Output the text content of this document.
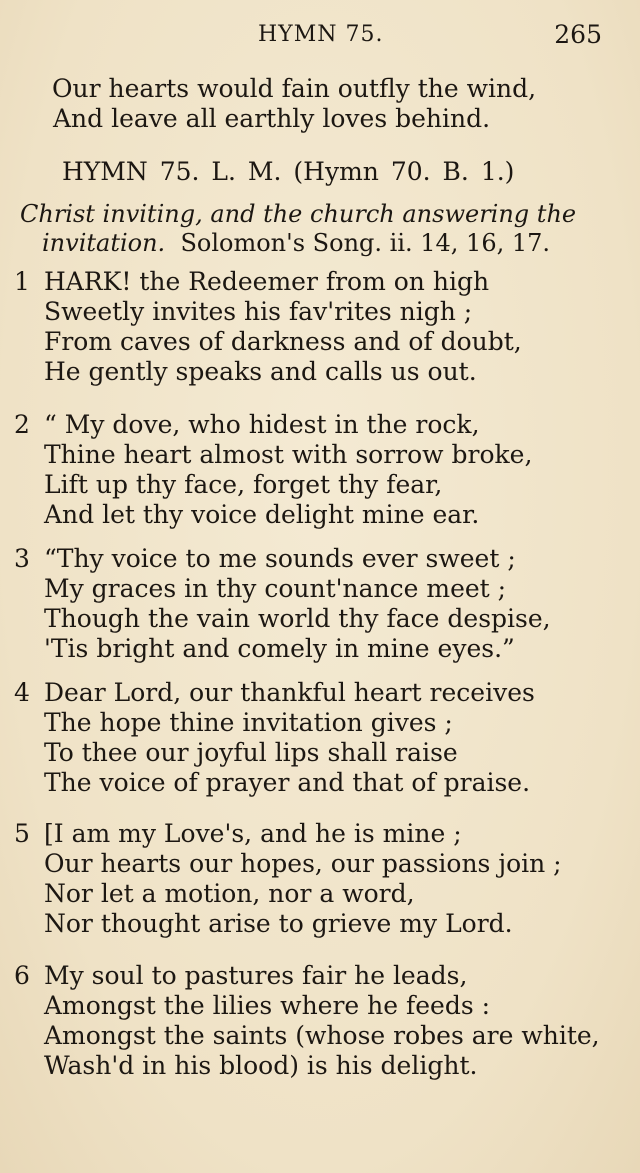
HYMN 75.	265
Our hearts would fain outfly the wind,
And leave all earthly loves behind.
HYMN 75. L. M. (Hymn 70. B. 1.)
Christ inviting, and the church answering the
invitation. Solomon's Song. ii. 14, 16, 17.
1 HARK! the Redeemer from on high
Sweetly invites his fav'rites nigh ;
From caves of darkness and of doubt,
He gently speaks and calls us out.
2 “ My dove, who hidest in the rock,
Thine heart almost with sorrow broke,
Lift up thy face, forget thy fear,
And let thy voice delight mine ear.
3 “Thy voice to me sounds ever sweet ;
My graces in thy count'nance meet ;
Though the vain world thy face despise,
'Tis bright and comely in mine eyes.”
4 Dear Lord, our thankful heart receives
The hope thine invitation gives ;
To thee our joyful lips shall raise
The voice of prayer and that of praise.
5 [I am my Love's, and he is mine ;
Our hearts our hopes, our passions join ;
Nor let a motion, nor a word,
Nor thought arise to grieve my Lord.
6 My soul to pastures fair he leads,
Amongst the lilies where he feeds :
Amongst the saints (whose robes are white,
Wash'd in his blood) is his delight.
